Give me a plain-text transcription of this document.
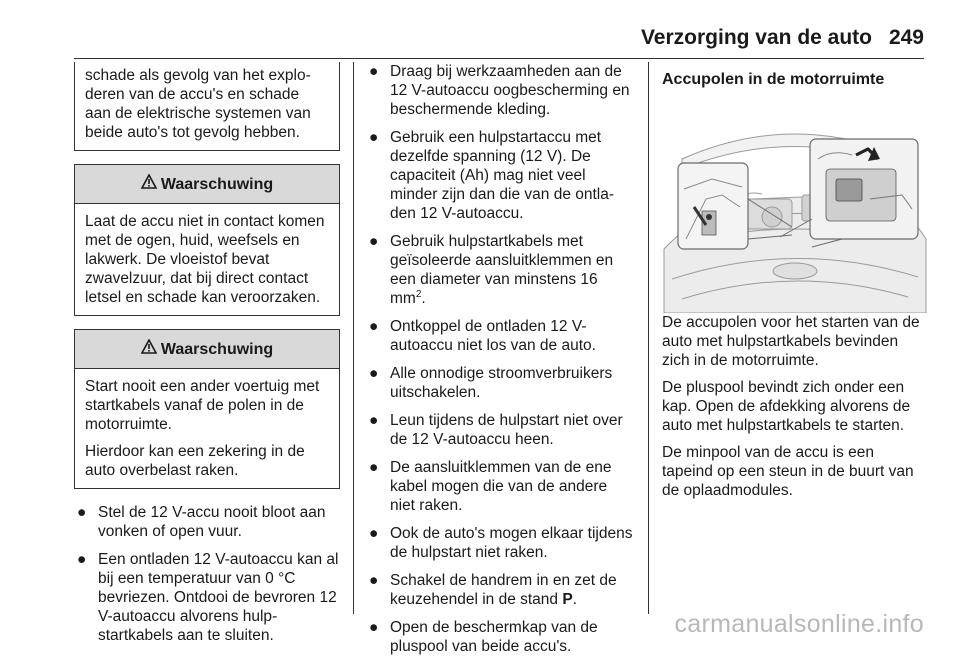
Verzorging van de auto 249
schade als gevolg van het exploderen van de accu's en schade aan de elektrische systemen van beide auto's tot gevolg hebben.
Waarschuwing

Laat de accu niet in contact komen met de ogen, huid, weefsels en lakwerk. De vloeistof bevat zwavelzuur, dat bij direct contact letsel en schade kan veroorzaken.

Waarschuwing

Start nooit een ander voertuig met startkabels vanaf de polen in de motorruimte.

Hierdoor kan een zekering in de auto overbelast raken.

● Stel de 12 V-accu nooit bloot aan vonken of open vuur.
● Een ontladen 12 V-autoaccu kan al bij een temperatuur van 0 °C bevriezen. Ontdooi de bevroren 12 V-autoaccu alvorens hulpstartkabels aan te sluiten.
● Draag bij werkzaamheden aan de 12 V-autoaccu oogbescherming en beschermende kleding.
● Gebruik een hulpstartaccu met dezelfde spanning (12 V). De capaciteit (Ah) mag niet veel minder zijn dan die van de ontladen 12 V-autoaccu.
● Gebruik hulpstartkabels met geïsoleerde aansluitklemmen en een diameter van minstens 16 $mm^2$.
● Ontkoppel de ontladen 12 V-autoaccu niet los van de auto.
● Alle onnodige stroomverbruikers uitschakelen.
● Leun tijdens de hulpstart niet over de 12 V-autoaccu heen.
● De aansluitklemmen van de ene kabel mogen die van de andere niet raken.
● Ook de auto's mogen elkaar tijdens de hulpstart niet raken.
● Schakel de handrem in en zet de keuzehendel in de stand P.
● Open de beschermkap van de pluspool van beide accu's.
Accupolen in de motorruimte

De accupolen voor het starten van de auto met hulpstartkabels bevinden zich in de motorruimte.

De pluspool bevindt zich onder een kap. Open de afdekking alvorens de auto met hulpstartkabels te starten.

De minpool van de accu is een tapeind op een steun in de buurt van de oplaadmodules.

carmanualsonline.info
